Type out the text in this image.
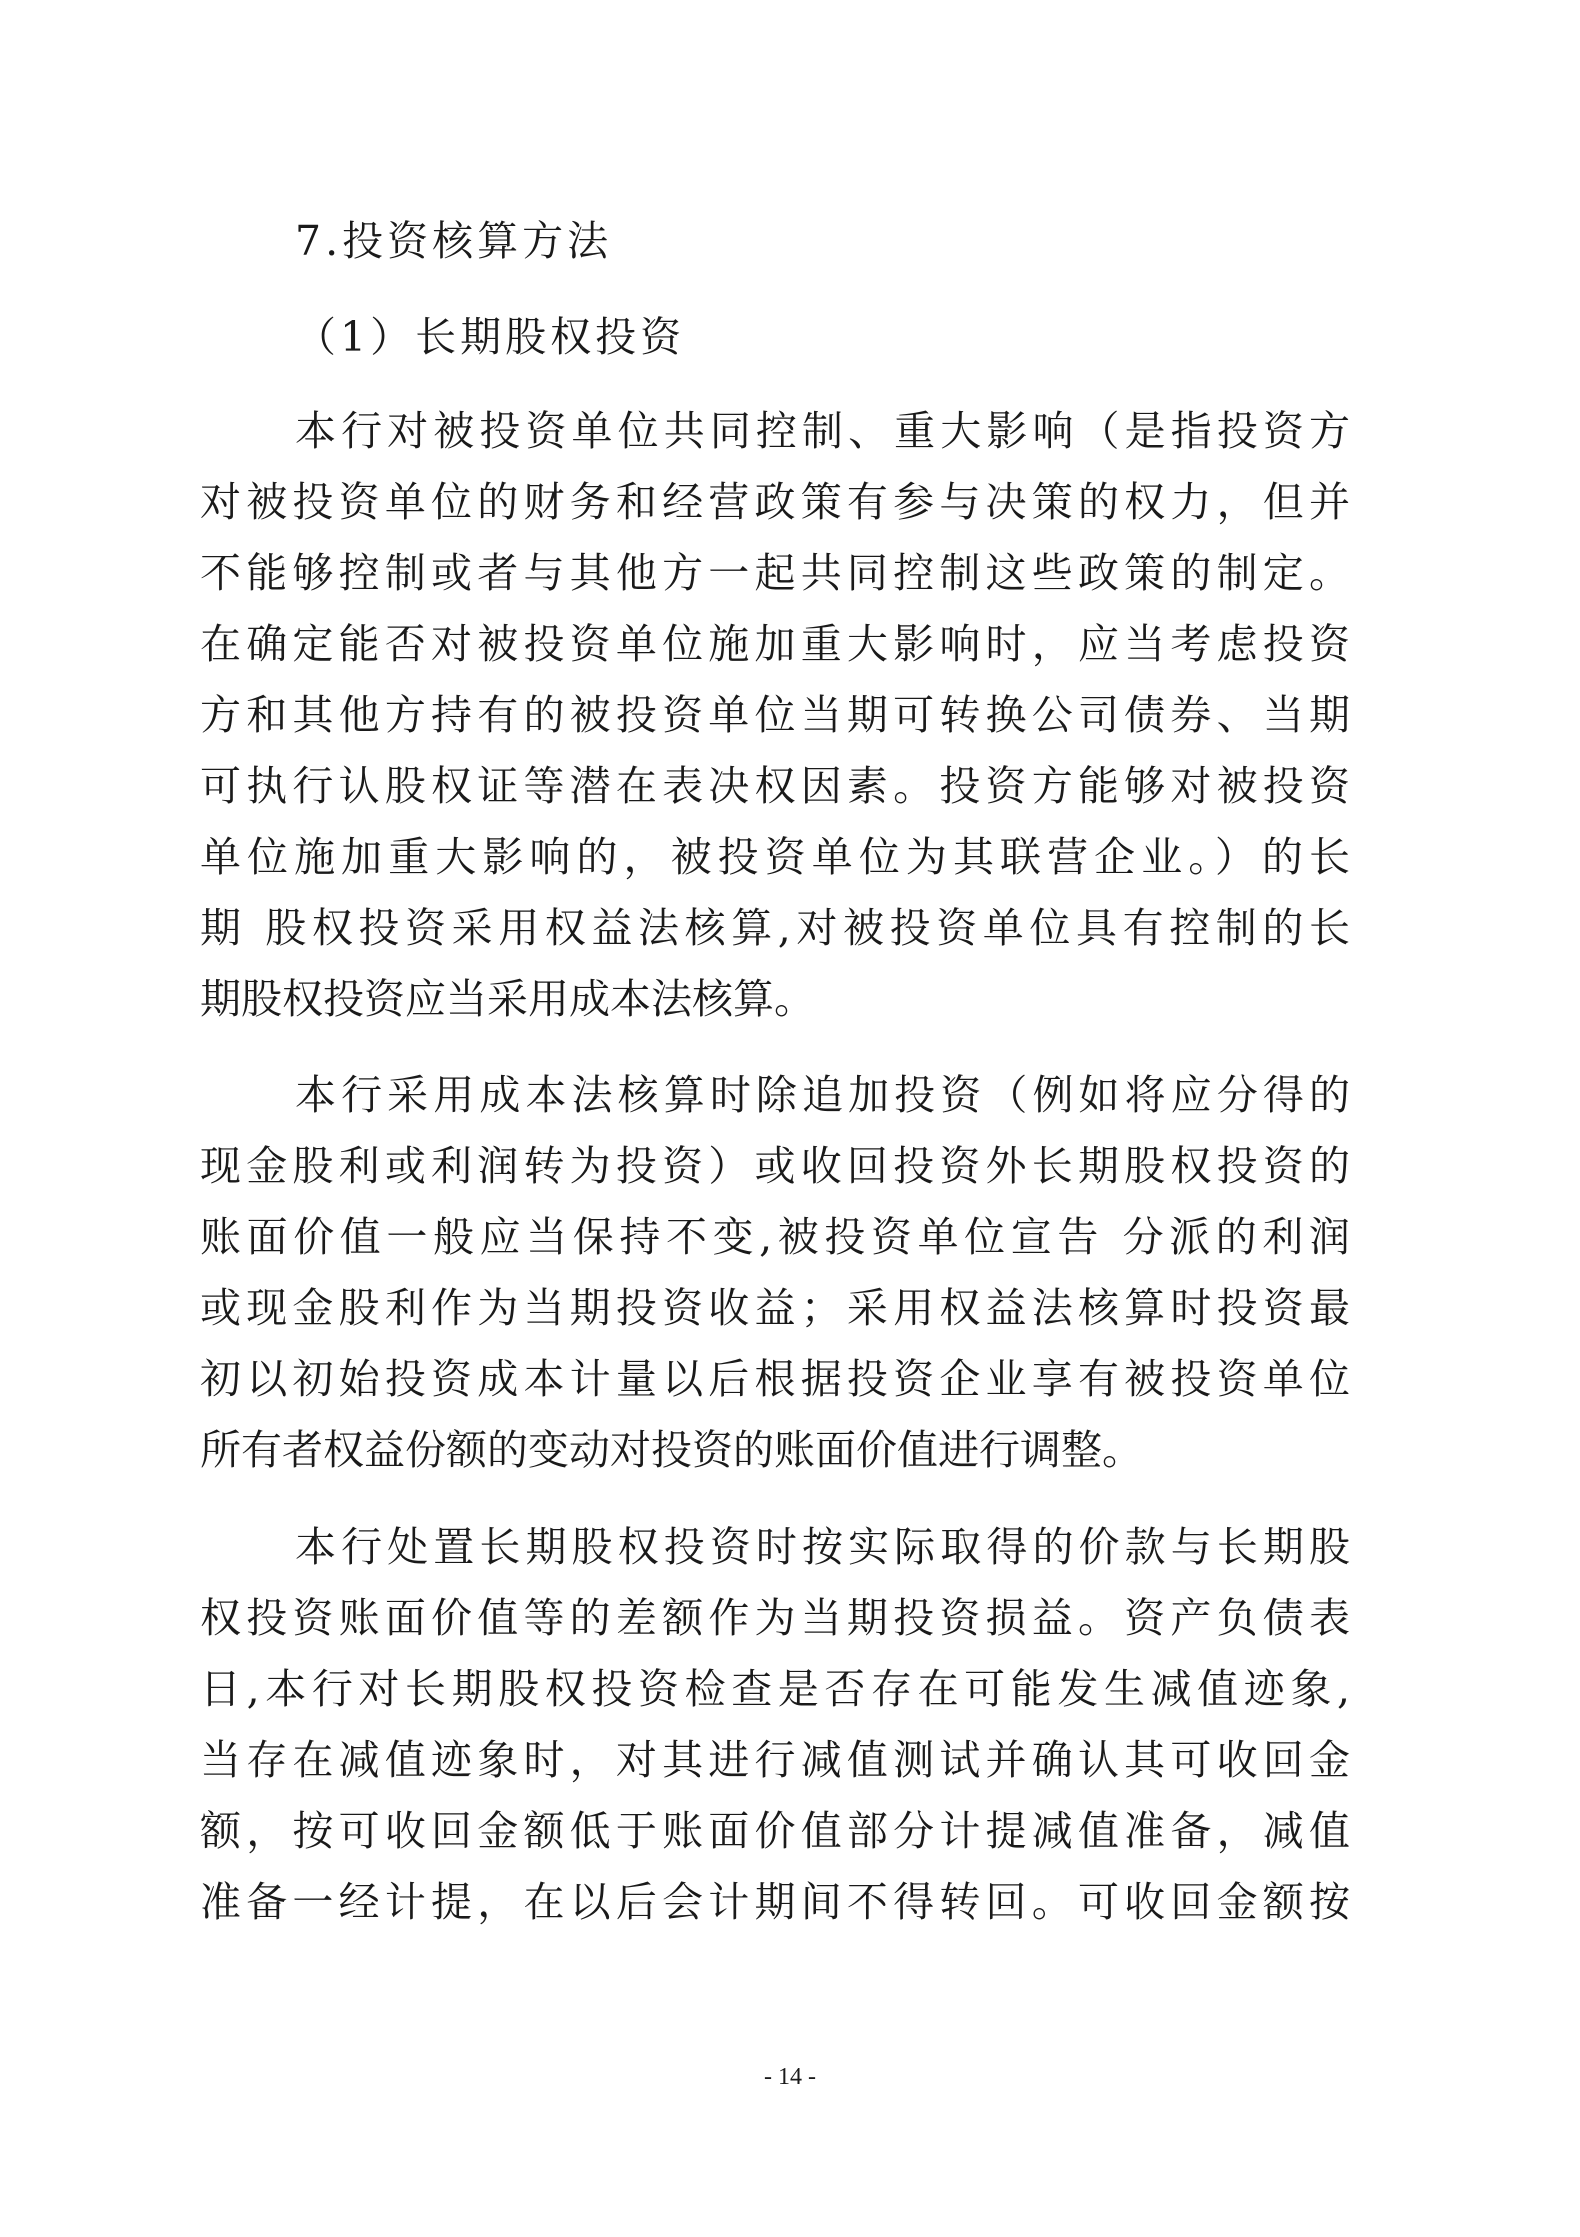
7.投资核算方法
（1）长期股权投资
本行对被投资单位共同控制、重大影响（是指投资方
对被投资单位的财务和经营政策有参与决策的权力，但并
不能够控制或者与其他方一起共同控制这些政策的制定。
在确定能否对被投资单位施加重大影响时，应当考虑投资
方和其他方持有的被投资单位当期可转换公司债券、当期
可执行认股权证等潜在表决权因素。投资方能够对被投资
单位施加重大影响的，被投资单位为其联营企业。）的长
期 股权投资采用权益法核算,对被投资单位具有控制的长
期股权投资应当采用成本法核算。
本行采用成本法核算时除追加投资（例如将应分得的
现金股利或利润转为投资）或收回投资外长期股权投资的
账面价值一般应当保持不变,被投资单位宣告 分派的利润
或现金股利作为当期投资收益；采用权益法核算时投资最
初以初始投资成本计量以后根据投资企业享有被投资单位
所有者权益份额的变动对投资的账面价值进行调整。
本行处置长期股权投资时按实际取得的价款与长期股
权投资账面价值等的差额作为当期投资损益。资产负债表
日,本行对长期股权投资检查是否存在可能发生减值迹象,
当存在减值迹象时，对其进行减值测试并确认其可收回金
额，按可收回金额低于账面价值部分计提减值准备，减值
准备一经计提，在以后会计期间不得转回。可收回金额按
- 14 -
